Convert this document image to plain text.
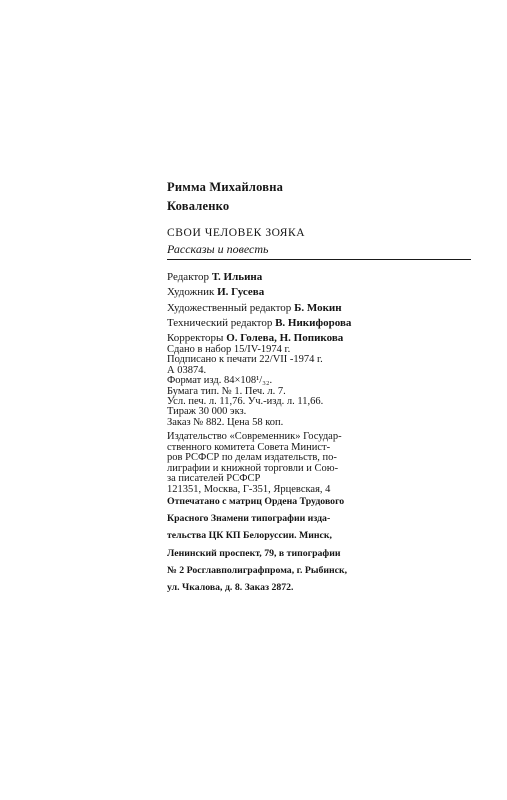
Римма Михайловна
Коваленко
СВОИ ЧЕЛОВЕК ЗОЯКА
Рассказы и повесть
Редактор Т. Ильина
Художник И. Гусева
Художественный редактор Б. Мокин
Технический редактор В. Никифорова
Корректоры О. Голева, Н. Попикова
Сдано в набор 15/IV-1974 г.
Подписано к печати 22/VII -1974 г.
А 03874.
Формат изд. 84×108¹/₃₂.
Бумага тип. № 1. Печ. л. 7.
Усл. печ. л. 11,76. Уч.-изд. л. 11,66.
Тираж 30 000 экз.
Заказ № 882. Цена 58 коп.
Издательство «Современник» Государ-
ственного комитета Совета Минист-
ров РСФСР по делам издательств, по-
лиграфии и книжной торговли и Сою-
за писателей РСФСР
121351, Москва, Г-351, Ярцевская, 4
Отпечатано с матриц Ордена Трудового
Красного Знамени типографии изда-
тельства ЦК КП Белоруссии. Минск,
Ленинский проспект, 79, в типографии
№ 2 Росглавполиграфпрома, г. Рыбинск,
ул. Чкалова, д. 8. Заказ 2872.
